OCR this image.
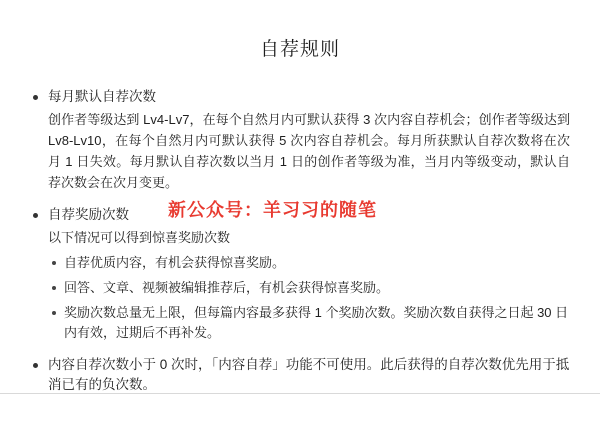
自荐规则
每月默认自荐次数
创作者等级达到 Lv4-Lv7，在每个自然月内可默认获得 3 次内容自荐机会；创作者等级达到 Lv8-Lv10，在每个自然月内可默认获得 5 次内容自荐机会。每月所获默认自荐次数将在次月 1 日失效。每月默认自荐次数以当月 1 日的创作者等级为准，当月内等级变动，默认自荐次数会在次月变更。
自荐奖励次数
以下情况可以得到惊喜奖励次数
自荐优质内容，有机会获得惊喜奖励。
回答、文章、视频被编辑推荐后，有机会获得惊喜奖励。
奖励次数总量无上限，但每篇内容最多获得 1 个奖励次数。奖励次数自获得之日起 30 日内有效，过期后不再补发。
内容自荐次数小于 0 次时，「内容自荐」功能不可使用。此后获得的自荐次数优先用于抵消已有的负次数。
新公众号：羊习习的随笔
